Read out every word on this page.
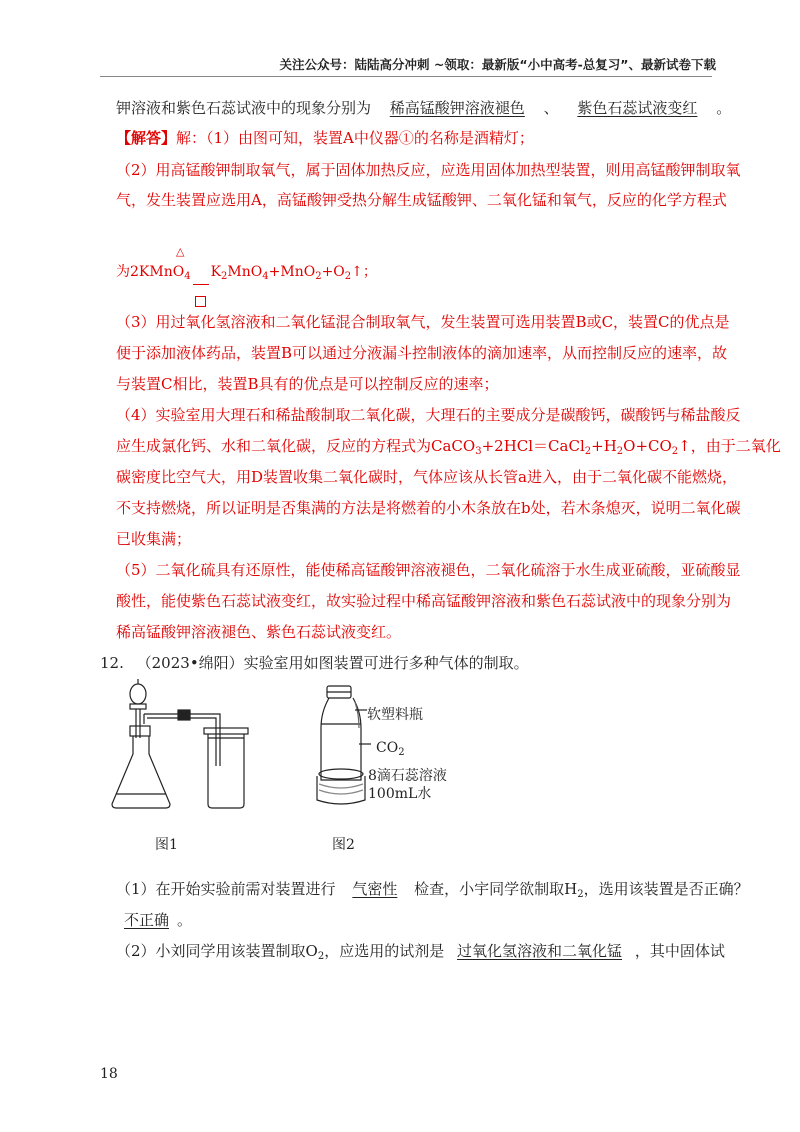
关注公众号：陆陆高分冲刺 ~领取：最新版“小中高考-总复习”、最新试卷下载
钾溶液和紫色石蕊试液中的现象分别为 稀高锰酸钾溶液褪色 、 紫色石蕊试液变红 。
【解答】解：（1）由图可知，装置A中仪器①的名称是酒精灯；
（2）用高锰酸钾制取氧气，属于固体加热反应，应选用固体加热型装置，则用高锰酸钾制取氧
气，发生装置应选用A，高锰酸钾受热分解生成锰酸钾、二氧化锰和氧气，反应的化学方程式
△
为2KMnO$_4$ $K_2MnO_4+MnO_2+O_2↑$；
（3）用过氧化氢溶液和二氧化锰混合制取氧气，发生装置可选用装置B或C，装置C的优点是
便于添加液体药品，装置B可以通过分液漏斗控制液体的滴加速率，从而控制反应的速率，故
与装置C相比，装置B具有的优点是可以控制反应的速率；
（4）实验室用大理石和稀盐酸制取二氧化碳，大理石的主要成分是碳酸钙，碳酸钙与稀盐酸反
应生成氯化钙、水和二氧化碳，反应的方程式为$CaCO_3+2HCl=CaCl_2+H_2O+CO_2↑$，由于二氧化
碳密度比空气大，用D装置收集二氧化碳时，气体应该从长管a进入，由于二氧化碳不能燃烧，
不支持燃烧，所以证明是否集满的方法是将燃着的小木条放在b处，若木条熄灭，说明二氧化碳
已收集满；
（5）二氧化硫具有还原性，能使稀高锰酸钾溶液褪色，二氧化硫溶于水生成亚硫酸，亚硫酸显
酸性，能使紫色石蕊试液变红，故实验过程中稀高锰酸钾溶液和紫色石蕊试液中的现象分别为
稀高锰酸钾溶液褪色、紫色石蕊试液变红。
12. （2023•绵阳）实验室用如图装置可进行多种气体的制取。
软塑料瓶
$CO_2$
8滴石蕊溶液
100mL水
图1	图2
（1）在开始实验前需对装置进行 气密性 检查，小宇同学欲制取$H_2$，选用该装置是否正确？
不正确 。
（2）小刘同学用该装置制取$O_2$，应选用的试剂是 过氧化氢溶液和二氧化锰 ，其中固体试
18
